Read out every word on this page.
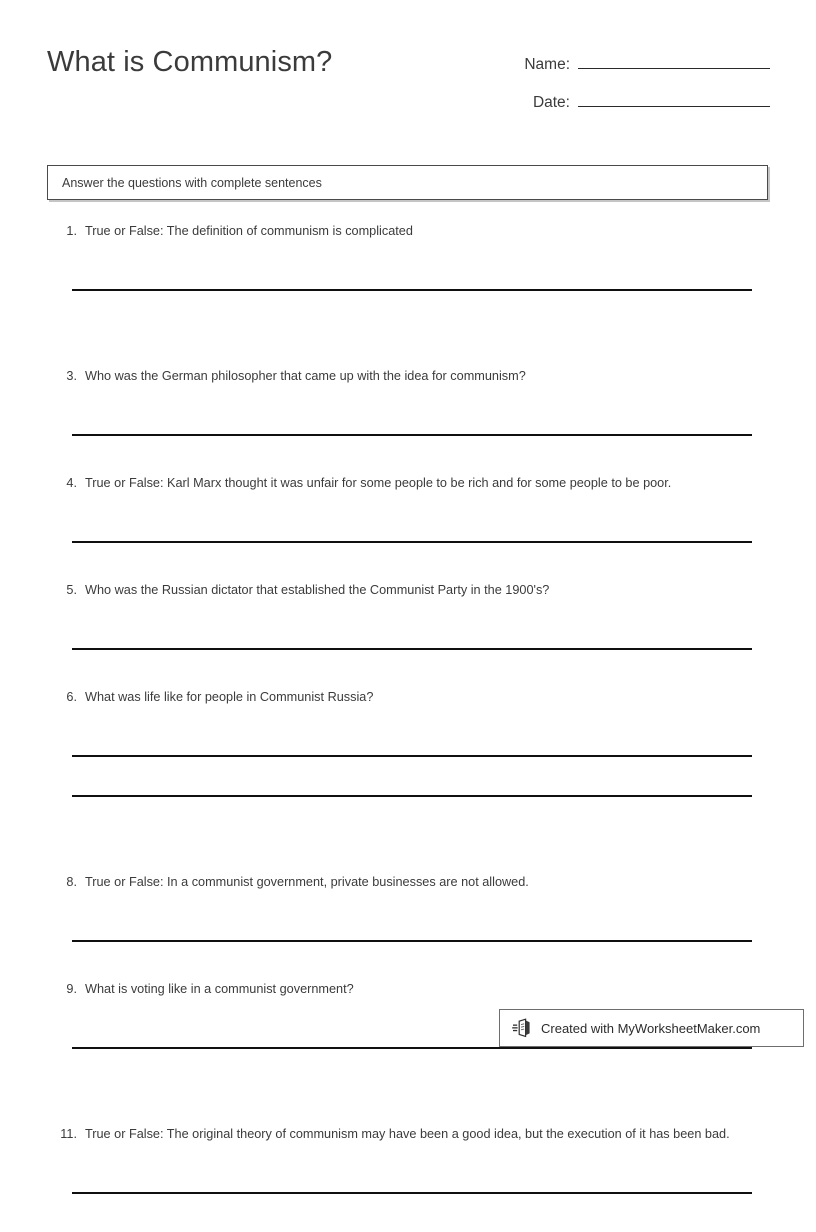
What is Communism?	Name:
Date:
Answer the questions with complete sentences
1. True or False: The definition of communism is complicated
3. Who was the German philosopher that came up with the idea for communism?
4. True or False: Karl Marx thought it was unfair for some people to be rich and for some people to be poor.
5. Who was the Russian dictator that established the Communist Party in the 1900's?
6. What was life like for people in Communist Russia?
8. True or False: In a communist government, private businesses are not allowed.
9. What is voting like in a communist government?
11. True or False: The original theory of communism may have been a good idea, but the execution of it has been bad.
Created with MyWorksheetMaker.com
